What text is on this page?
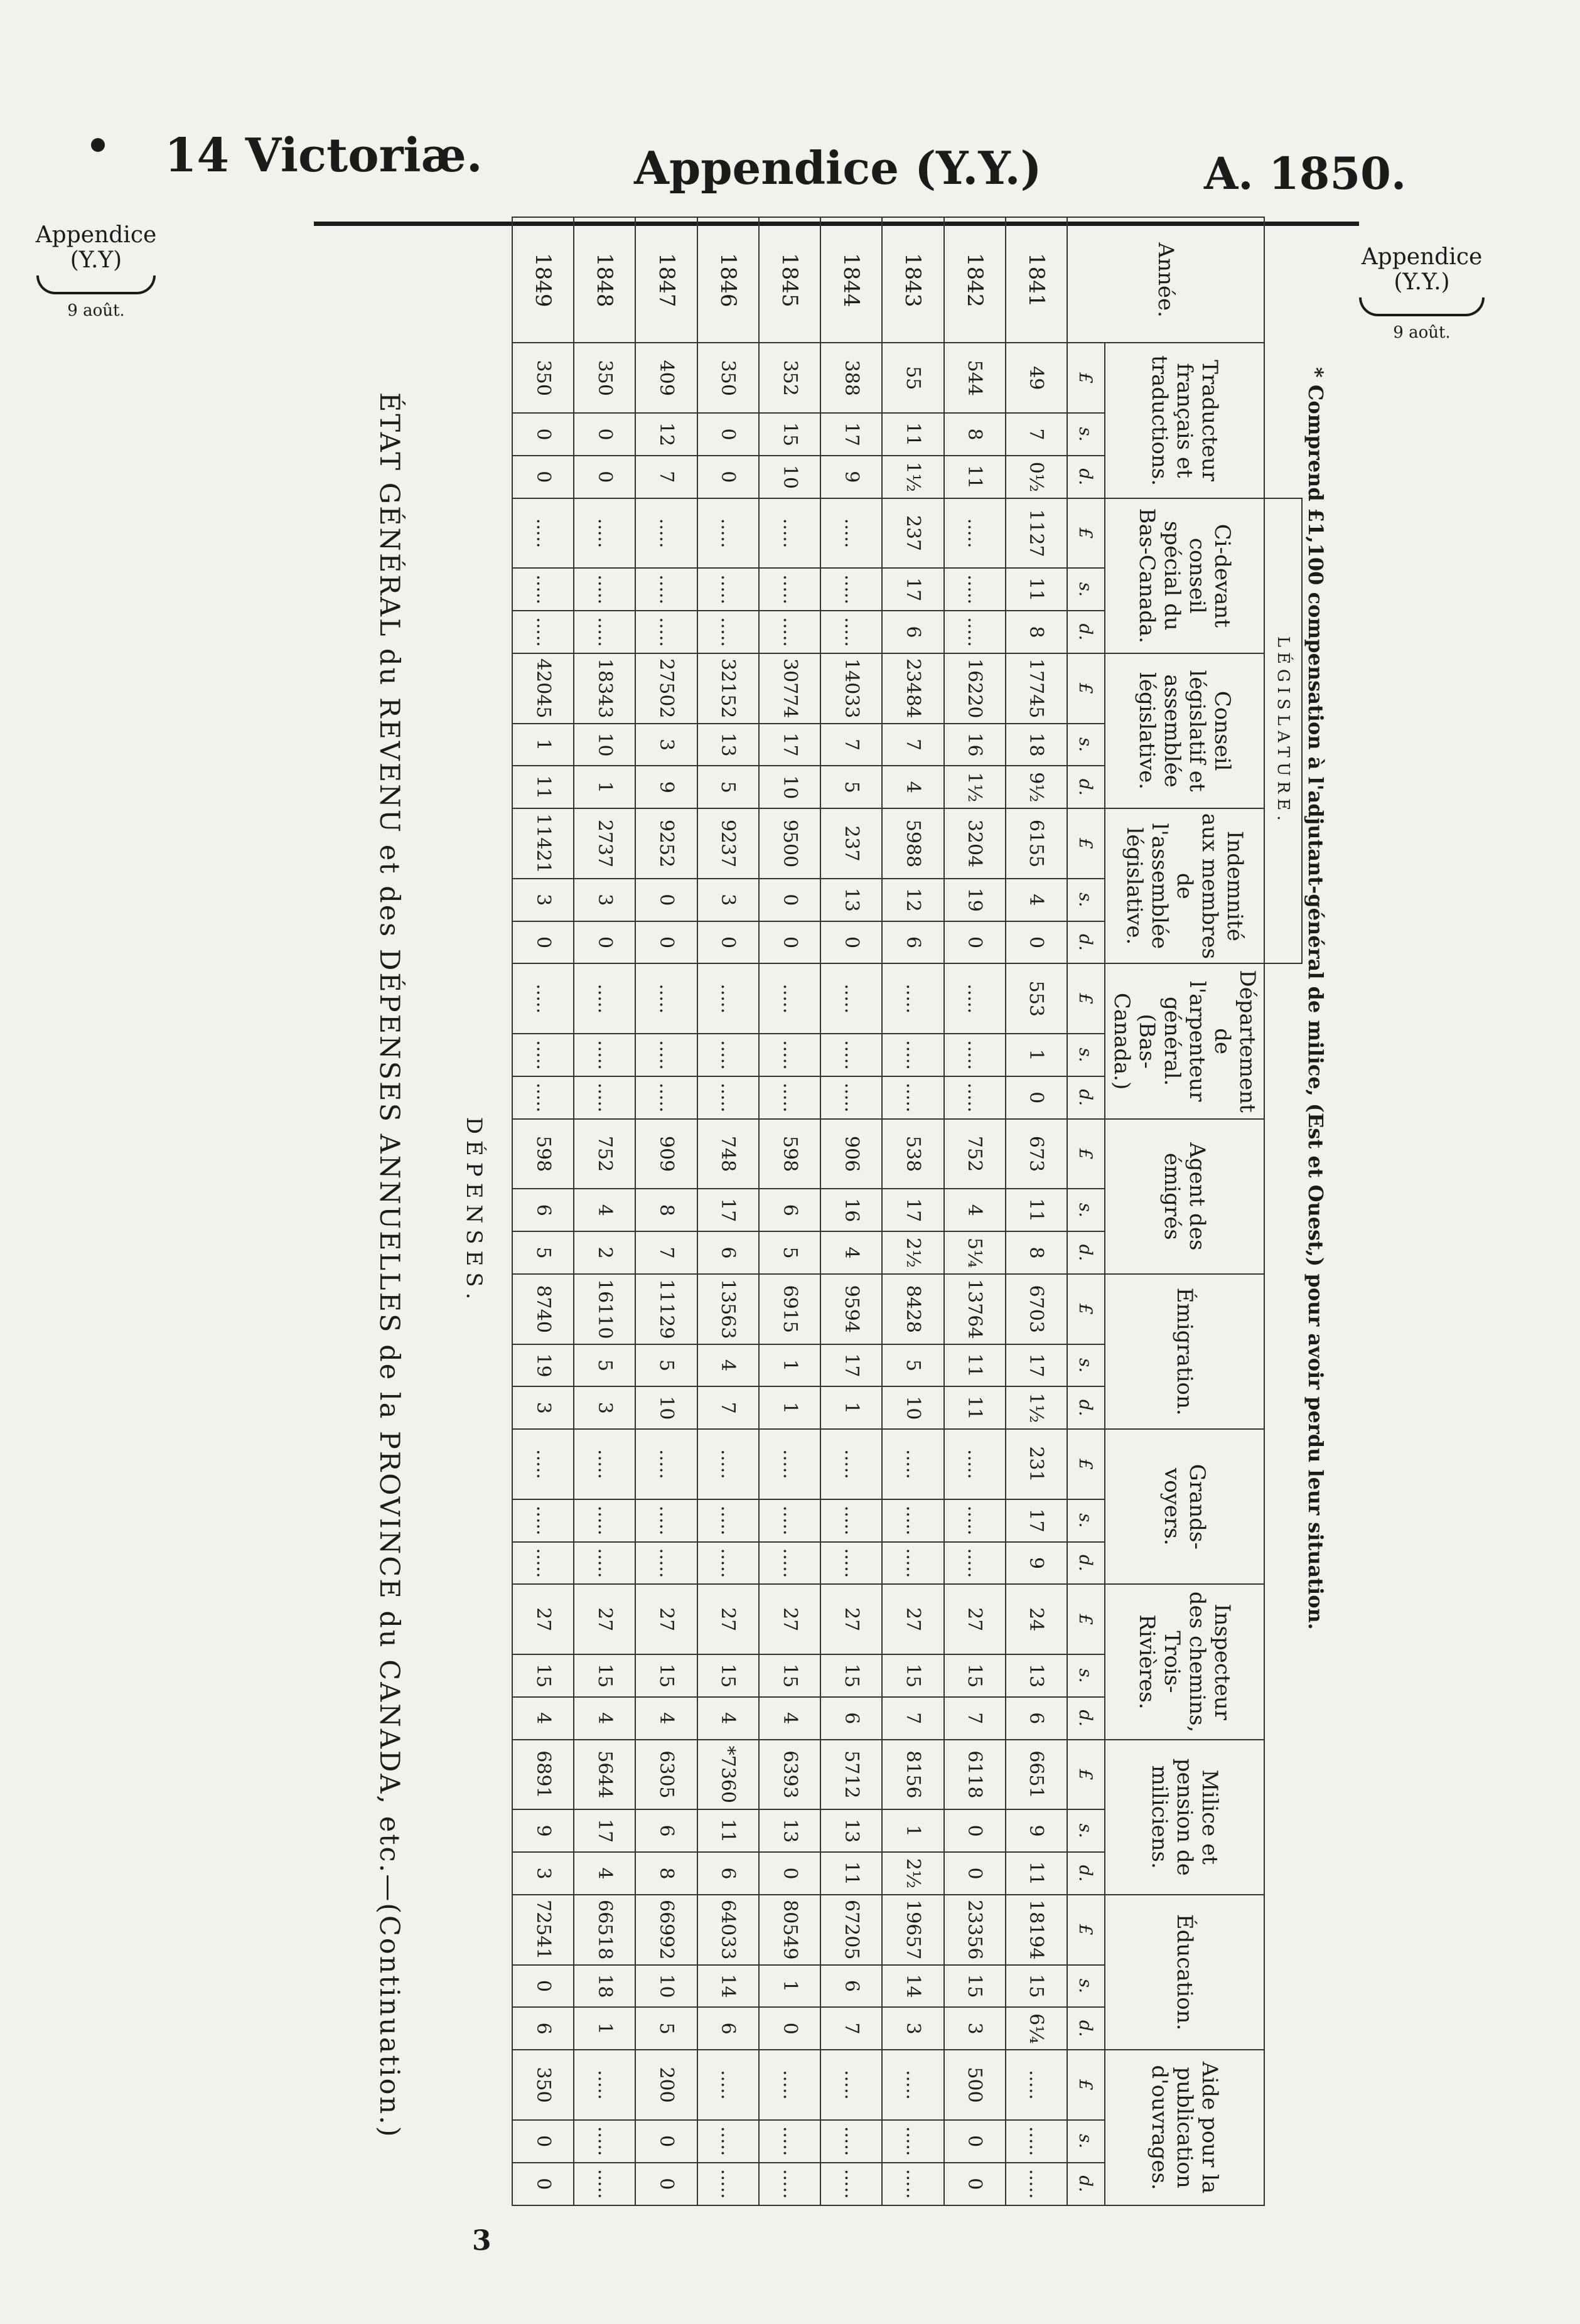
14 Victoriæ.	Appendice (Y.Y.)	A. 1850.
Appendice
(Y.Y)
9 août.
Appendice
(Y.Y.)
9 août.
ÉTAT GÉNÉRAL du REVENU et des DÉPENSES ANNUELLES de la PROVINCE du CANADA, etc.—(Continuation.)	DÉPENSES.	* Comprend £1,100 compensation à l'adjutant-général de milice, (Est et Ouest,) pour avoir perdu leur situation.
				LÉGISLATURE.																																
Année.	Traducteur français et traductions.			Ci-devant conseil spécial du Bas-Canada.			Conseil législatif et assemblée législative.			Indemnité aux membres de l'assemblée législative.			Département de l'arpenteur général. (Bas-Canada.)			Agent des émigrés			Émigration.			Grands-voyers.			Inspecteur des chemins, Trois-Rivières.			Milice et pension de miliciens.			Éducation.			Aide pour la publication d'ouvrages.		
	£	s.	d.	£	s.	d.	£	s.	d.	£	s.	d.	£	s.	d.	£	s.	d.	£	s.	d.	£	s.	d.	£	s.	d.	£	s.	d.	£	s.	d.	£	s.	d.
1841	49	7	0½	1127	11	8	17745	18	9½	6155	4	0	553	1	0	673	11	8	6703	17	1½	231	17	9	24	13	6	6651	9	11	18194	15	6¼	.....	.....	.....
1842	544	8	11	.....	.....	.....	16220	16	1½	3204	19	0	.....	.....	.....	752	4	5¼	13764	11	11	.....	.....	.....	27	15	7	6118	0	0	23356	15	3	500	0	0
1843	55	11	1½	237	17	6	23484	7	4	5988	12	6	.....	.....	.....	538	17	2½	8428	5	10	.....	.....	.....	27	15	7	8156	1	2½	19657	14	3	.....	.....	.....
1844	388	17	9	.....	.....	.....	14033	7	5	237	13	0	.....	.....	.....	906	16	4	9594	17	1	.....	.....	.....	27	15	6	5712	13	11	67205	6	7	.....	.....	.....
1845	352	15	10	.....	.....	.....	30774	17	10	9500	0	0	.....	.....	.....	598	6	5	6915	1	1	.....	.....	.....	27	15	4	6393	13	0	80549	1	0	.....	.....	.....
1846	350	0	0	.....	.....	.....	32152	13	5	9237	3	0	.....	.....	.....	748	17	6	13563	4	7	.....	.....	.....	27	15	4	*7360	11	6	64033	14	6	.....	.....	.....
1847	409	12	7	.....	.....	.....	27502	3	9	9252	0	0	.....	.....	.....	909	8	7	11129	5	10	.....	.....	.....	27	15	4	6305	6	8	66992	10	5	200	0	0
1848	350	0	0	.....	.....	.....	18343	10	1	2737	3	0	.....	.....	.....	752	4	2	16110	5	3	.....	.....	.....	27	15	4	5644	17	4	66518	18	1	.....	.....	.....
1849	350	0	0	.....	.....	.....	42045	1	11	11421	3	0	.....	.....	.....	598	6	5	8740	19	3	.....	.....	.....	27	15	4	6891	9	3	72541	0	6	350	0	0
3
